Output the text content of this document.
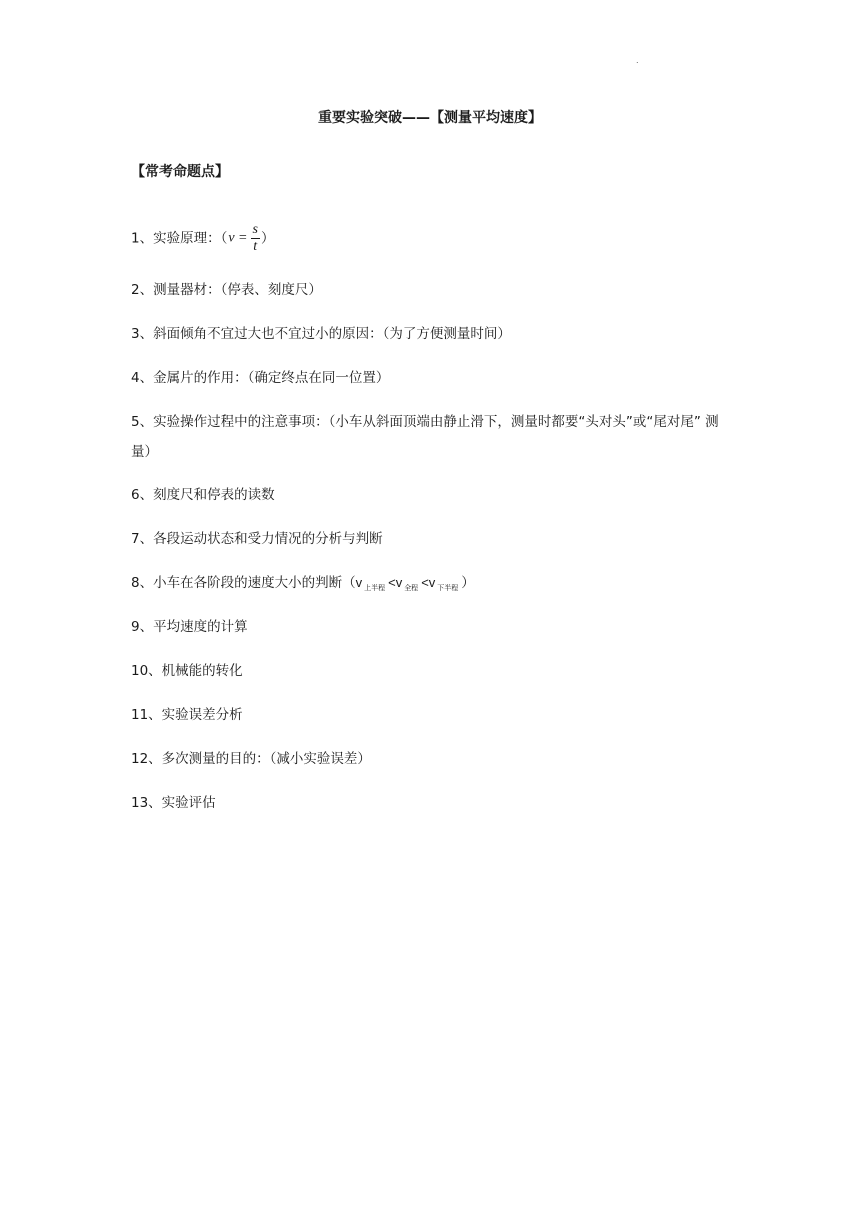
.
重要实验突破——【测量平均速度】
【常考命题点】
1、实验原理：（$v = \frac{s}{t}$ ）
2、测量器材：（停表、刻度尺）
3、斜面倾角不宜过大也不宜过小的原因：（为了方便测量时间）
4、金属片的作用：（确定终点在同一位置）
5、实验操作过程中的注意事项：（小车从斜面顶端由静止滑下，测量时都要“头对头”或“尾对尾” 测量）
6、刻度尺和停表的读数
7、各段运动状态和受力情况的分析与判断
8、小车在各阶段的速度大小的判断（v $_{上半程}$ <v $_{全程}$ <v $_{下半程}$ ）
9、平均速度的计算
10、机械能的转化
11、实验误差分析
12、多次测量的目的：（减小实验误差）
13、实验评估
